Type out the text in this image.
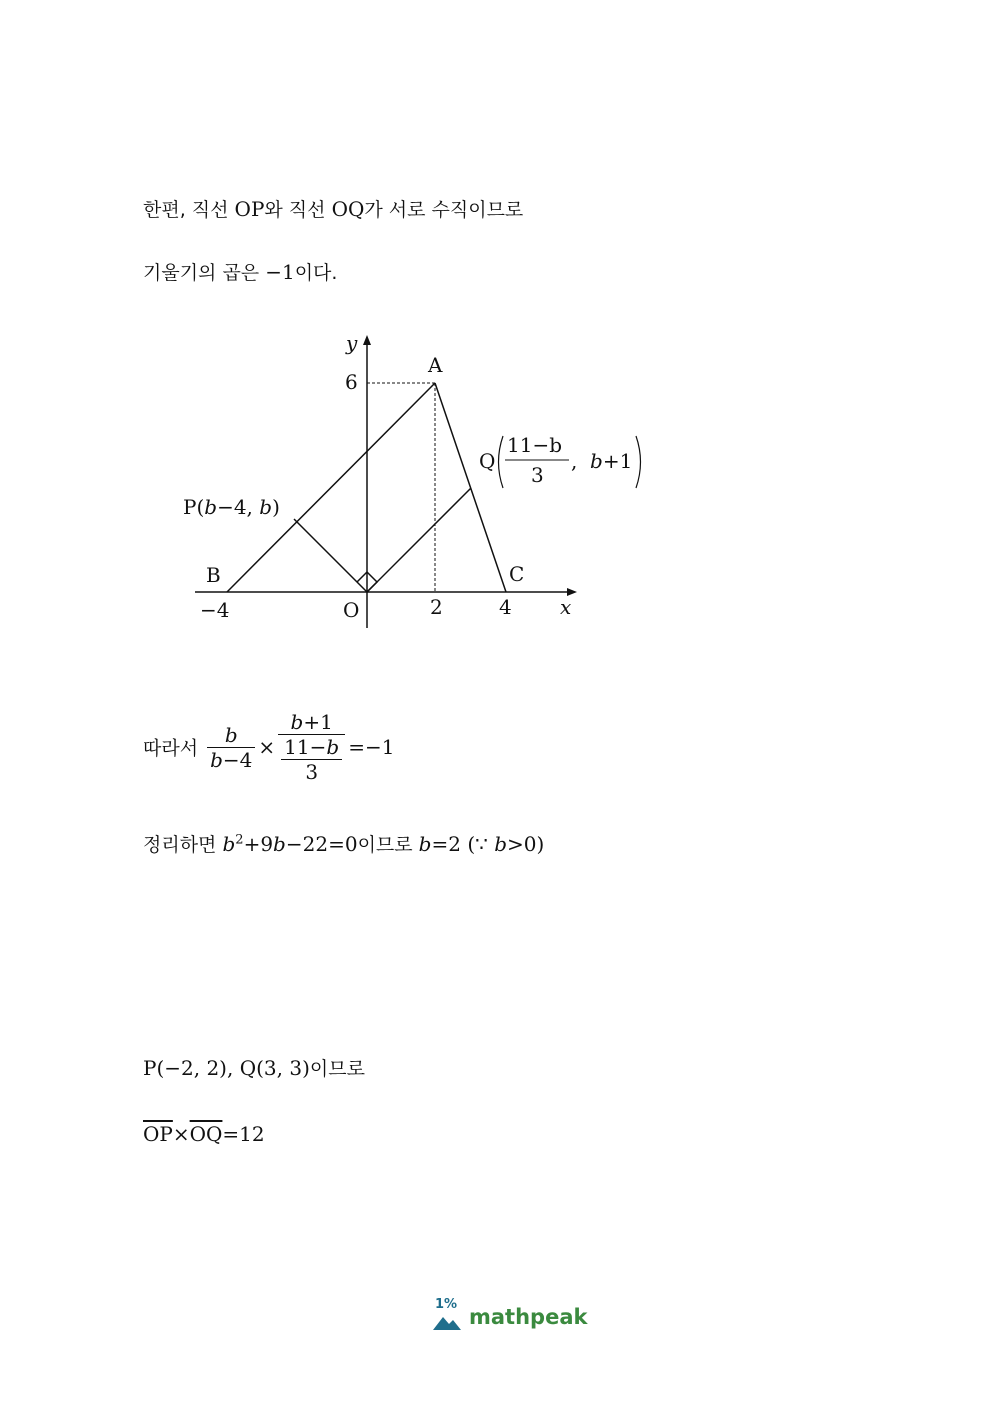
한편, 직선 OP와 직선 OQ가 서로 수직이므로
기울기의 곱은 −1이다.
y
x
6
−4	O	2	4
A
B	C
P(b−4, b)
Q
11−b
3
, b+1
따라서 $\frac{b}{b-4} \times \frac{b+1}{\frac{11-b}{3}} =-1$
정리하면 $b^2+9b-22=0$이므로 b=2 (∵ b>0)
P(−2, 2), Q(3, 3)이므로
$\overline{OP}\times\overline{OQ}=12$
1%
mathpeak
